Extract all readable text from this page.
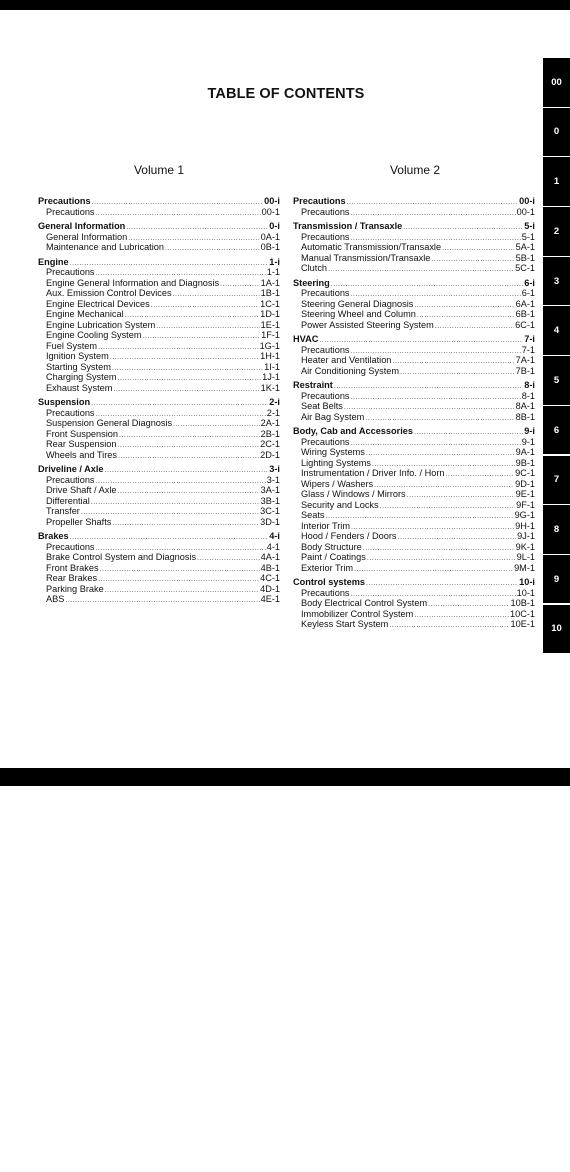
TABLE OF CONTENTS
Volume 1	Volume 2
Precautions .....	00-i
Precautions .....	00-1
General Information .....	0-i
General Information .....	0A-1
Maintenance and Lubrication .....	0B-1
Engine .....	1-i
Precautions .....	1-1
Engine General Information and Diagnosis .....	1A-1
Aux. Emission Control Devices .....	1B-1
Engine Electrical Devices .....	1C-1
Engine Mechanical .....	1D-1
Engine Lubrication System .....	1E-1
Engine Cooling System .....	1F-1
Fuel System .....	1G-1
Ignition System .....	1H-1
Starting System .....	1I-1
Charging System .....	1J-1
Exhaust System .....	1K-1
Suspension .....	2-i
Precautions .....	2-1
Suspension General Diagnosis .....	2A-1
Front Suspension .....	2B-1
Rear Suspension .....	2C-1
Wheels and Tires .....	2D-1
Driveline / Axle .....	3-i
Precautions .....	3-1
Drive Shaft / Axle .....	3A-1
Differential .....	3B-1
Transfer .....	3C-1
Propeller Shafts .....	3D-1
Brakes .....	4-i
Precautions .....	4-1
Brake Control System and Diagnosis .....	4A-1
Front Brakes .....	4B-1
Rear Brakes .....	4C-1
Parking Brake .....	4D-1
ABS .....	4E-1
Precautions .....	00-i
Precautions .....	00-1
Transmission / Transaxle .....	5-i
Precautions .....	5-1
Automatic Transmission/Transaxle .....	5A-1
Manual Transmission/Transaxle .....	5B-1
Clutch .....	5C-1
Steering .....	6-i
Precautions .....	6-1
Steering General Diagnosis .....	6A-1
Steering Wheel and Column .....	6B-1
Power Assisted Steering System .....	6C-1
HVAC .....	7-i
Precautions .....	7-1
Heater and Ventilation .....	7A-1
Air Conditioning System .....	7B-1
Restraint .....	8-i
Precautions .....	8-1
Seat Belts .....	8A-1
Air Bag System .....	8B-1
Body, Cab and Accessories .....	9-i
Precautions .....	9-1
Wiring Systems .....	9A-1
Lighting Systems .....	9B-1
Instrumentation / Driver Info. / Horn .....	9C-1
Wipers / Washers .....	9D-1
Glass / Windows / Mirrors .....	9E-1
Security and Locks .....	9F-1
Seats .....	9G-1
Interior Trim .....	9H-1
Hood / Fenders / Doors .....	9J-1
Body Structure .....	9K-1
Paint / Coatings .....	9L-1
Exterior Trim .....	9M-1
Control systems .....	10-i
Precautions .....	10-1
Body Electrical Control System .....	10B-1
Immobilizer Control System .....	10C-1
Keyless Start System .....	10E-1
00
0
1
2
3
4
5
6
7
8
9
10
